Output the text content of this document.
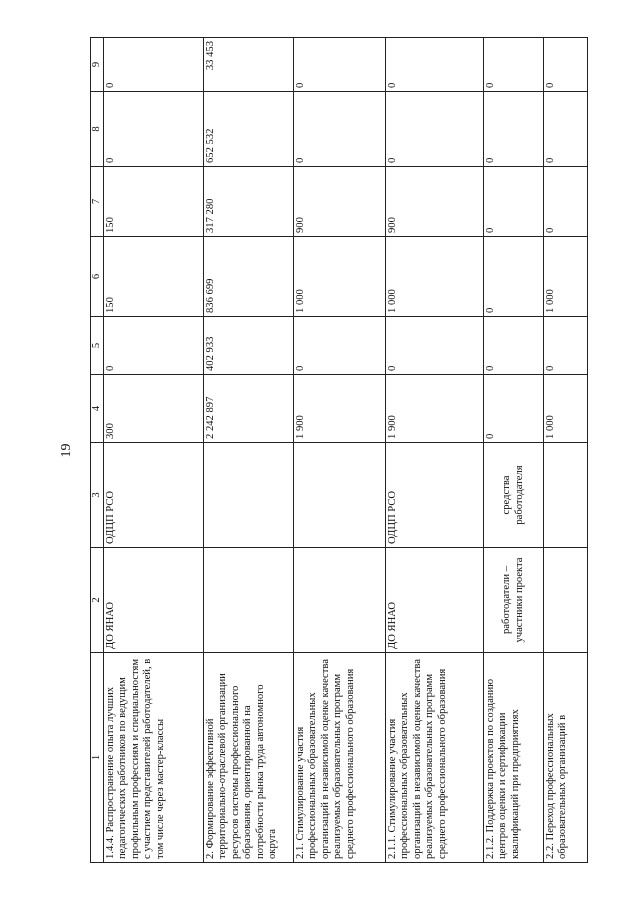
19
1	2	3	4	5	6	7	8	9
1.4.4. Распространение опыта лучших педагогических работников по ведущим профильным профессиям и специальностям с участием представителей работодателей, в том числе через мастер-классы	ДО ЯНАО	ОДЦП РСО	300	0	150	150	0	0
2. Формирование эффективной территориально-отраслевой организации ресурсов системы профессионального образования, ориентированной на потребности рынка труда автономного округа			2 242 897	402 933	836 699	317 280	652 532	33 453
2.1. Стимулирование участия профессиональных образовательных организаций в независимой оценке качества реализуемых образовательных программ среднего профессионального образования			1 900	0	1 000	900	0	0
2.1.1. Стимулирование участия профессиональных образовательных организаций в независимой оценке качества реализуемых образовательных программ среднего профессионального образования	ДО ЯНАО	ОДЦП РСО	1 900	0	1 000	900	0	0
2.1.2. Поддержка проектов по созданию центров оценки и сертификации квалификаций при предприятиях	работодатели – участники проекта	средства работодателя	0	0	0	0	0	0
2.2. Переход профессиональных образовательных организаций в			1 000	0	1 000	0	0	0
